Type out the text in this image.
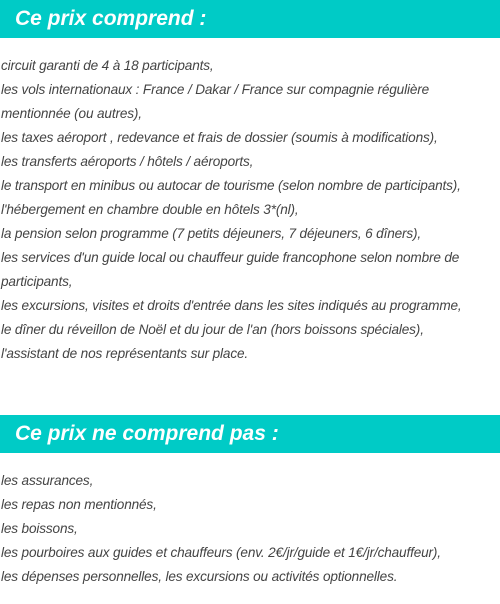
Ce prix comprend :
circuit garanti de 4 à 18 participants,
les vols internationaux : France / Dakar / France sur compagnie régulière mentionnée (ou autres),
les taxes aéroport , redevance et frais de dossier (soumis à modifications),
les transferts aéroports / hôtels / aéroports,
le transport en minibus ou autocar de tourisme (selon nombre de participants),
l'hébergement en chambre double en hôtels 3*(nl),
la pension selon programme (7 petits déjeuners, 7 déjeuners, 6 dîners),
les services d'un guide local ou chauffeur guide francophone selon nombre de participants,
les excursions, visites et droits d'entrée dans les sites indiqués au programme,
le dîner du réveillon de Noël et du jour de l'an (hors boissons spéciales),
l'assistant de nos représentants sur place.
Ce prix ne comprend pas :
les assurances,
les repas non mentionnés,
les boissons,
les pourboires aux guides et chauffeurs (env. 2€/jr/guide et 1€/jr/chauffeur),
les dépenses personnelles, les excursions ou activités optionnelles.
